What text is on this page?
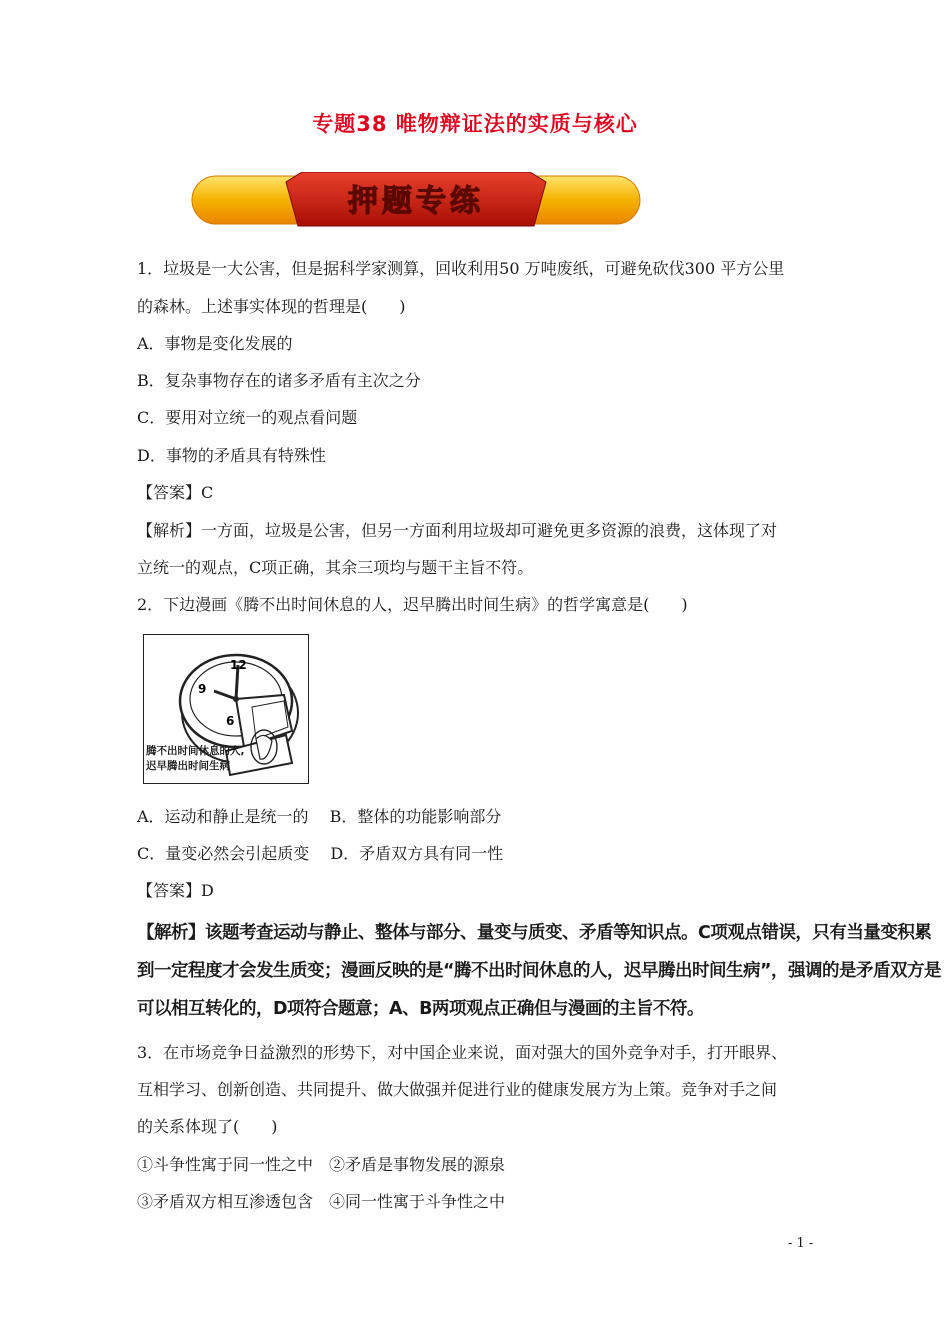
专题38 唯物辩证法的实质与核心
押题专练
1．垃圾是一大公害，但是据科学家测算，回收利用50 万吨废纸，可避免砍伐300 平方公里
的森林。上述事实体现的哲理是(　　)
A．事物是变化发展的
B．复杂事物存在的诸多矛盾有主次之分
C．要用对立统一的观点看问题
D．事物的矛盾具有特殊性
【答案】C
【解析】一方面，垃圾是公害，但另一方面利用垃圾却可避免更多资源的浪费，这体现了对
立统一的观点，C项正确，其余三项均与题干主旨不符。
2．下边漫画《腾不出时间休息的人，迟早腾出时间生病》的哲学寓意是(　　)
12
9
6
腾不出时间休息的人,
迟早腾出时间生病
A．运动和静止是统一的　 B．整体的功能影响部分
C．量变必然会引起质变　 D．矛盾双方具有同一性
【答案】D
【解析】该题考查运动与静止、整体与部分、量变与质变、矛盾等知识点。C项观点错误，只有当量变积累
到一定程度才会发生质变；漫画反映的是“腾不出时间休息的人，迟早腾出时间生病”，强调的是矛盾双方是
可以相互转化的，D项符合题意；A、B两项观点正确但与漫画的主旨不符。
3．在市场竞争日益激烈的形势下，对中国企业来说，面对强大的国外竞争对手，打开眼界、
互相学习、创新创造、共同提升、做大做强并促进行业的健康发展方为上策。竞争对手之间
的关系体现了(　　)
①斗争性寓于同一性之中　②矛盾是事物发展的源泉
③矛盾双方相互渗透包含　④同一性寓于斗争性之中
- 1 -
